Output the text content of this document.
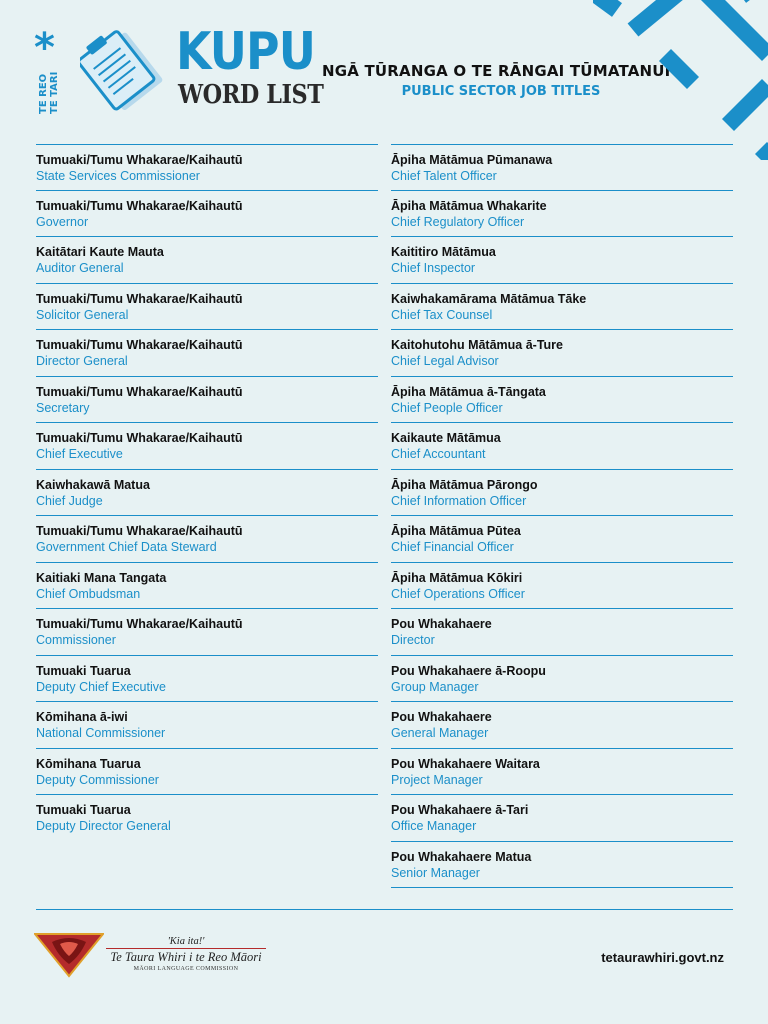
*
TE REO TE TARI
KUPU
WORD LIST
NGĀ TŪRANGA O TE RĀNGAI TŪMATANUI
PUBLIC SECTOR JOB TITLES
Tumuaki/Tumu Whakarae/Kaihautū
State Services Commissioner
Tumuaki/Tumu Whakarae/Kaihautū
Governor
Kaitātari Kaute Mauta
Auditor General
Tumuaki/Tumu Whakarae/Kaihautū
Solicitor General
Tumuaki/Tumu Whakarae/Kaihautū
Director General
Tumuaki/Tumu Whakarae/Kaihautū
Secretary
Tumuaki/Tumu Whakarae/Kaihautū
Chief Executive
Kaiwhakawā Matua
Chief Judge
Tumuaki/Tumu Whakarae/Kaihautū
Government Chief Data Steward
Kaitiaki Mana Tangata
Chief Ombudsman
Tumuaki/Tumu Whakarae/Kaihautū
Commissioner
Tumuaki Tuarua
Deputy Chief Executive
Kōmihana ā-iwi
National Commissioner
Kōmihana Tuarua
Deputy Commissioner
Tumuaki Tuarua
Deputy Director General
Āpiha Mātāmua Pūmanawa
Chief Talent Officer
Āpiha Mātāmua Whakarite
Chief Regulatory Officer
Kaititiro Mātāmua
Chief Inspector
Kaiwhakamārama Mātāmua Tāke
Chief Tax Counsel
Kaitohutohu Mātāmua ā-Ture
Chief Legal Advisor
Āpiha Mātāmua ā-Tāngata
Chief People Officer
Kaikaute Mātāmua
Chief Accountant
Āpiha Mātāmua Pārongo
Chief Information Officer
Āpiha Mātāmua Pūtea
Chief Financial Officer
Āpiha Mātāmua Kōkiri
Chief Operations Officer
Pou Whakahaere
Director
Pou Whakahaere ā-Roopu
Group Manager
Pou Whakahaere
General Manager
Pou Whakahaere Waitara
Project Manager
Pou Whakahaere ā-Tari
Office Manager
Pou Whakahaere Matua
Senior Manager
'Kia ita!'
Te Taura Whiri i te Reo Māori
MĀORI LANGUAGE COMMISSION
tetaurawhiri.govt.nz
